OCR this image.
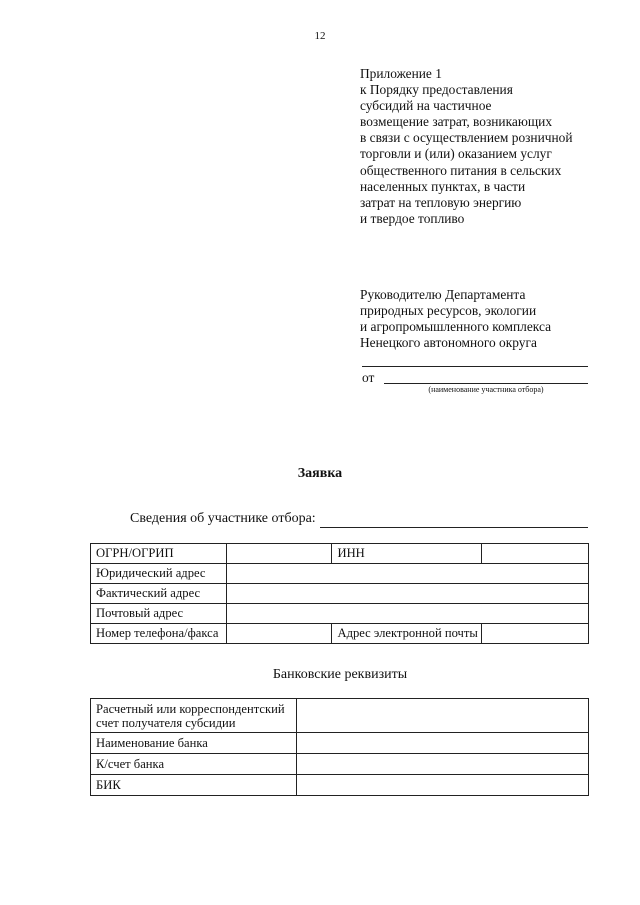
12
Приложение 1
к Порядку предоставления
субсидий на частичное
возмещение затрат, возникающих
в связи с осуществлением розничной
торговли и (или) оказанием услуг
общественного питания в сельских
населенных пунктах, в части
затрат на тепловую энергию
и твердое топливо
Руководителю Департамента
природных ресурсов, экологии
и агропромышленного комплекса
Ненецкого автономного округа
от
(наименование участника отбора)
Заявка
Сведения об участнике отбора:
ОГРН/ОГРИП		ИНН	
Юридический адрес			
Фактический адрес			
Почтовый адрес			
Номер телефона/факса		Адрес электронной почты	
Банковские реквизиты
Расчетный или корреспондентский счет получателя субсидии	
Наименование банка	
К/счет банка	
БИК	
